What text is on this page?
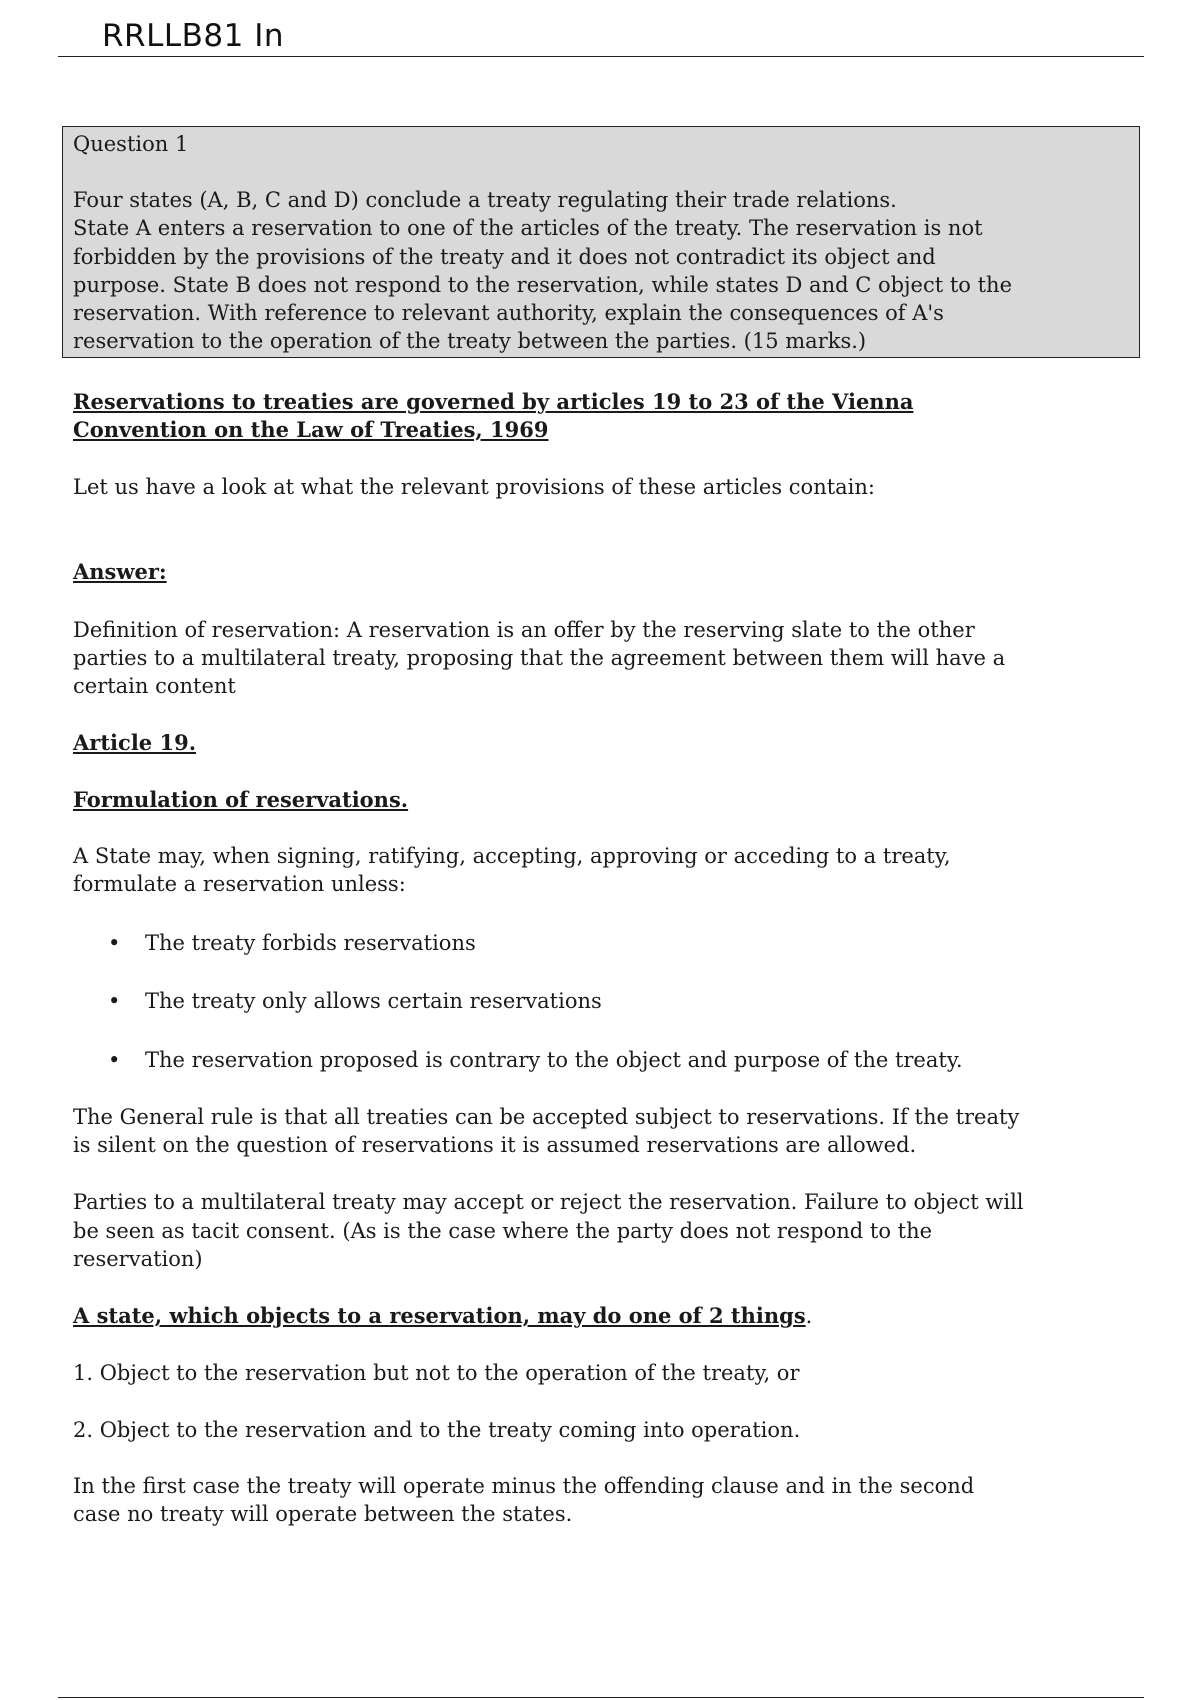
RRLLB81 In
Question 1

Four states (A, B, C and D) conclude a treaty regulating their trade relations.

State A enters a reservation to one of the articles of the treaty. The reservation is not

forbidden by the provisions of the treaty and it does not contradict its object and

purpose. State B does not respond to the reservation, while states D and C object to the

reservation. With reference to relevant authority, explain the consequences of A's

reservation to the operation of the treaty between the parties. (15 marks.)

Reservations to treaties are governed by articles 19 to 23 of the Vienna

Convention on the Law of Treaties, 1969

Let us have a look at what the relevant provisions of these articles contain:

Answer:

Definition of reservation: A reservation is an offer by the reserving slate to the other

parties to a multilateral treaty, proposing that the agreement between them will have a

certain content

Article 19.

Formulation of reservations.

A State may, when signing, ratifying, accepting, approving or acceding to a treaty,

formulate a reservation unless:

• The treaty forbids reservations
• The treaty only allows certain reservations
• The reservation proposed is contrary to the object and purpose of the treaty.

The General rule is that all treaties can be accepted subject to reservations. If the treaty

is silent on the question of reservations it is assumed reservations are allowed.

Parties to a multilateral treaty may accept or reject the reservation. Failure to object will

be seen as tacit consent. (As is the case where the party does not respond to the

reservation)

A state, which objects to a reservation, may do one of 2 things.

1. Object to the reservation but not to the operation of the treaty, or

2. Object to the reservation and to the treaty coming into operation.

In the first case the treaty will operate minus the offending clause and in the second

case no treaty will operate between the states.
